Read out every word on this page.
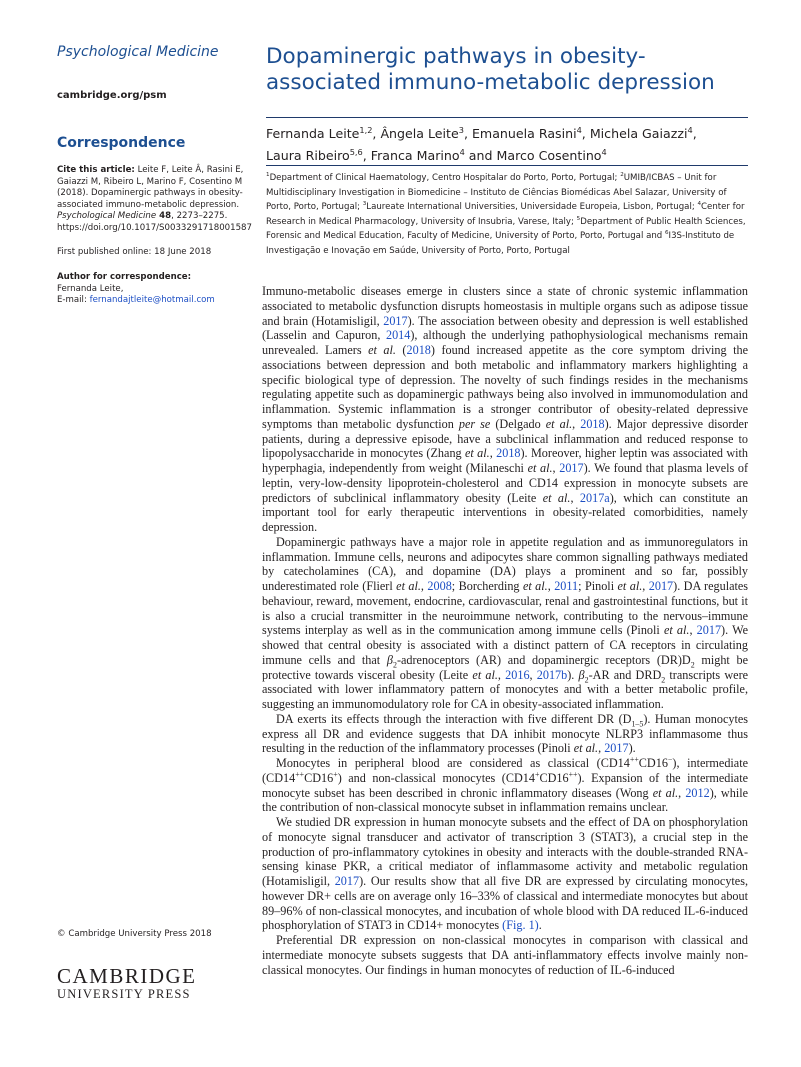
Psychological Medicine
cambridge.org/psm
Correspondence
Cite this article: Leite F, Leite Â, Rasini E, Gaiazzi M, Ribeiro L, Marino F, Cosentino M (2018). Dopaminergic pathways in obesity-associated immuno-metabolic depression. Psychological Medicine 48, 2273–2275. https://doi.org/10.1017/S0033291718001587
First published online: 18 June 2018
Author for correspondence:
Fernanda Leite,
E-mail: fernandajtleite@hotmail.com
© Cambridge University Press 2018
CAMBRIDGE
UNIVERSITY PRESS
Dopaminergic pathways in obesity-associated immuno-metabolic depression
Fernanda Leite$^{1,2}$, Ângela Leite$^3$, Emanuela Rasini$^4$, Michela Gaiazzi$^4$,
Laura Ribeiro$^{5,6}$, Franca Marino$^4$ and Marco Cosentino$^4$
$^1$Department of Clinical Haematology, Centro Hospitalar do Porto, Porto, Portugal; $^2$UMIB/ICBAS – Unit for Multidisciplinary Investigation in Biomedicine – Instituto de Ciências Biomédicas Abel Salazar, University of Porto, Porto, Portugal; $^3$Laureate International Universities, Universidade Europeia, Lisbon, Portugal; $^4$Center for Research in Medical Pharmacology, University of Insubria, Varese, Italy; $^5$Department of Public Health Sciences, Forensic and Medical Education, Faculty of Medicine, University of Porto, Porto, Portugal and $^6$I3S-Instituto de Investigação e Inovação em Saúde, University of Porto, Porto, Portugal

Immuno-metabolic diseases emerge in clusters since a state of chronic systemic inflammation associated to metabolic dysfunction disrupts homeostasis in multiple organs such as adipose tissue and brain (Hotamisligil, 2017). The association between obesity and depression is well established (Lasselin and Capuron, 2014), although the underlying pathophysiological mechanisms remain unrevealed. Lamers et al. (2018) found increased appetite as the core symptom driving the associations between depression and both metabolic and inflammatory markers highlighting a specific biological type of depression. The novelty of such findings resides in the mechanisms regulating appetite such as dopaminergic pathways being also involved in immunomodulation and inflammation. Systemic inflammation is a stronger contributor of obesity-related depressive symptoms than metabolic dysfunction per se (Delgado et al., 2018). Major depressive disorder patients, during a depressive episode, have a subclinical inflammation and reduced response to lipopolysaccharide in monocytes (Zhang et al., 2018). Moreover, higher leptin was associated with hyperphagia, independently from weight (Milaneschi et al., 2017). We found that plasma levels of leptin, very-low-density lipoprotein-cholesterol and CD14 expression in monocyte subsets are predictors of subclinical inflammatory obesity (Leite et al., 2017a), which can constitute an important tool for early therapeutic interventions in obesity-related comorbidities, namely depression.

Dopaminergic pathways have a major role in appetite regulation and as immunoregulators in inflammation. Immune cells, neurons and adipocytes share common signalling pathways mediated by catecholamines (CA), and dopamine (DA) plays a prominent and so far, possibly underestimated role (Flierl et al., 2008; Borcherding et al., 2011; Pinoli et al., 2017). DA regulates behaviour, reward, movement, endocrine, cardiovascular, renal and gastrointestinal functions, but it is also a crucial transmitter in the neuroimmune network, contributing to the nervous–immune systems interplay as well as in the communication among immune cells (Pinoli et al., 2017). We showed that central obesity is associated with a distinct pattern of CA receptors in circulating immune cells and that $\beta_2$-adrenoceptors (AR) and dopaminergic receptors $(DR)D_2$ might be protective towards visceral obesity (Leite et al., 2016, 2017b). $\beta_2-AR$ and $DRD_2$ transcripts were associated with lower inflammatory pattern of monocytes and with a better metabolic profile, suggesting an immunomodulatory role for CA in obesity-associated inflammation.

DA exerts its effects through the interaction with five different DR $(D_{1-5})$. Human monocytes express all DR and evidence suggests that DA inhibit monocyte NLRP3 inflammasome thus resulting in the reduction of the inflammatory processes (Pinoli et al., 2017).

Monocytes in peripheral blood are considered as classical (CD14++CD16−), intermediate (CD14++CD16+) and non-classical monocytes (CD14+CD16++). Expansion of the intermediate monocyte subset has been described in chronic inflammatory diseases (Wong et al., 2012), while the contribution of non-classical monocyte subset in inflammation remains unclear.

We studied DR expression in human monocyte subsets and the effect of DA on phosphorylation of monocyte signal transducer and activator of transcription 3 (STAT3), a crucial step in the production of pro-inflammatory cytokines in obesity and interacts with the double-stranded RNA-sensing kinase PKR, a critical mediator of inflammasome activity and metabolic regulation (Hotamisligil, 2017). Our results show that all five DR are expressed by circulating monocytes, however DR+ cells are on average only 16–33% of classical and intermediate monocytes but about 89–96% of non-classical monocytes, and incubation of whole blood with DA reduced IL-6-induced phosphorylation of STAT3 in CD14+ monocytes (Fig. 1).

Preferential DR expression on non-classical monocytes in comparison with classical and intermediate monocyte subsets suggests that DA anti-inflammatory effects involve mainly non-classical monocytes. Our findings in human monocytes of reduction of IL-6-induced
